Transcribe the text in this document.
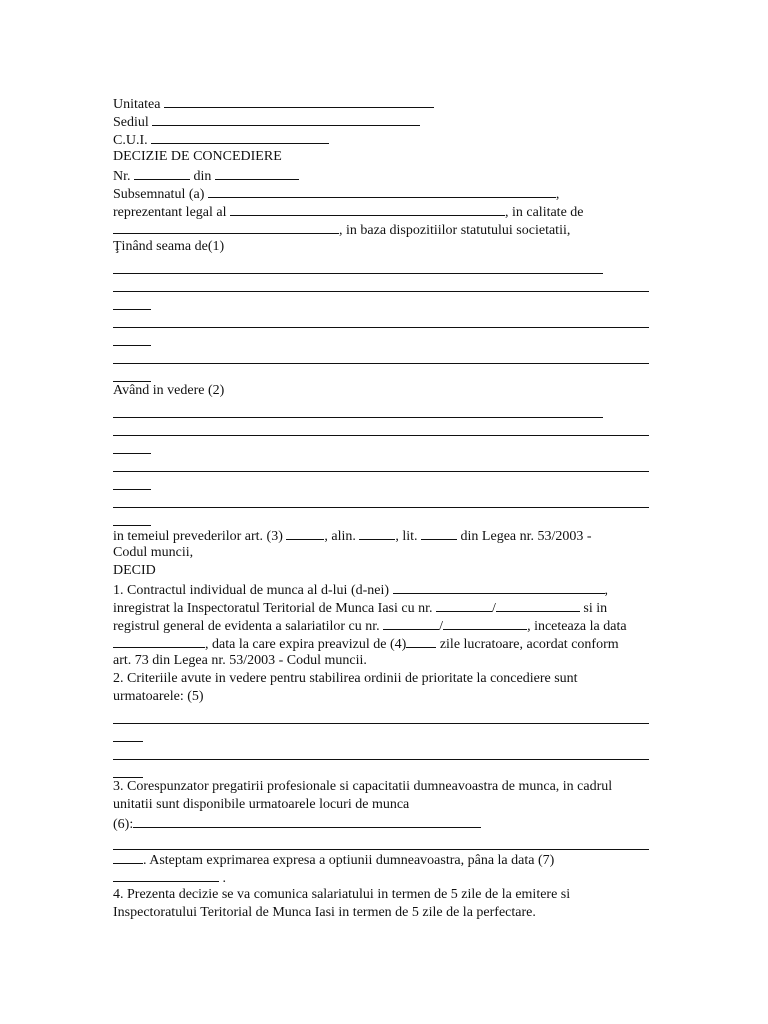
Unitatea
Sediul
C.U.I.
DECIZIE DE CONCEDIERE
Nr.	din
Subsemnatul (a)	,
reprezentant legal al	, in calitate de
, in baza dispozitiilor statutului societatii,
Ţinând seama de(1)
Având in vedere (2)
in temeiul prevederilor art. (3)	, alin.	, lit.	din Legea nr. 53/2003 -
Codul muncii,
DECID
1. Contractul individual de munca al d-lui (d-nei)	,
inregistrat la Inspectoratul Teritorial de Munca Iasi cu nr.	/	si in
registrul general de evidenta a salariatilor cu nr.	/	, inceteaza la data
, data la care expira preavizul de (4) zile lucratoare, acordat conform
art. 73 din Legea nr. 53/2003 - Codul muncii.
2. Criteriile avute in vedere pentru stabilirea ordinii de prioritate la concediere sunt
urmatoarele: (5)
3. Corespunzator pregatirii profesionale si capacitatii dumneavoastra de munca, in cadrul
unitatii sunt disponibile urmatoarele locuri de munca
(6):
. Asteptam exprimarea expresa a optiunii dumneavoastra, pâna la data (7)
.
4. Prezenta decizie se va comunica salariatului in termen de 5 zile de la emitere si
Inspectoratului Teritorial de Munca Iasi in termen de 5 zile de la perfectare.
